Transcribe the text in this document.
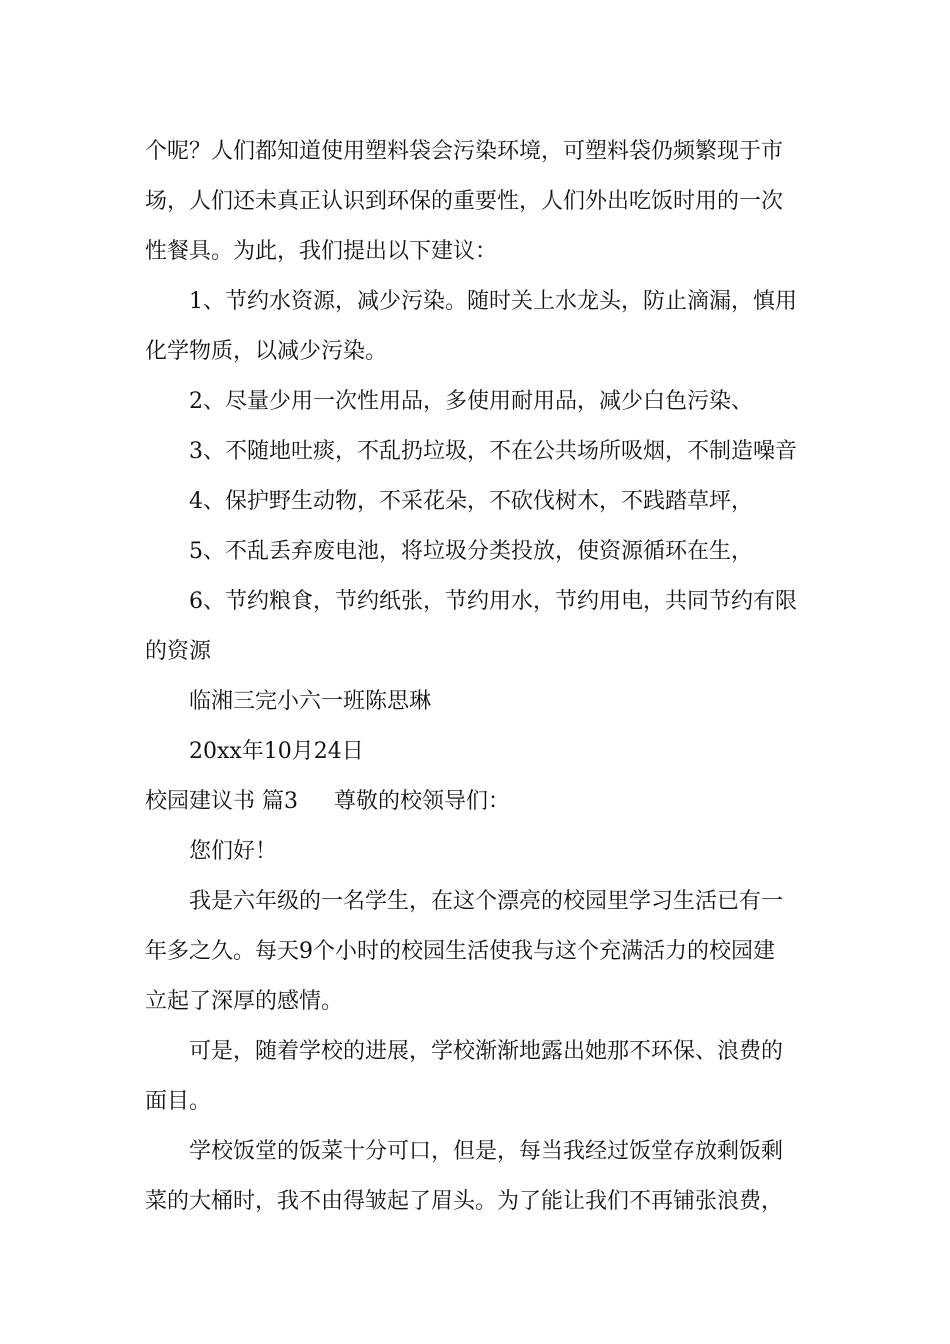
个呢？人们都知道使用塑料袋会污染环境，可塑料袋仍频繁现于市
场，人们还未真正认识到环保的重要性，人们外出吃饭时用的一次
性餐具。为此，我们提出以下建议：
1、节约水资源，减少污染。随时关上水龙头，防止滴漏，慎用
化学物质，以减少污染。
2、尽量少用一次性用品，多使用耐用品，减少白色污染、
3、不随地吐痰，不乱扔垃圾，不在公共场所吸烟，不制造噪音
4、保护野生动物，不采花朵，不砍伐树木，不践踏草坪，
5、不乱丢弃废电池，将垃圾分类投放，使资源循环在生，
6、节约粮食，节约纸张，节约用水，节约用电，共同节约有限
的资源
临湘三完小六一班陈思琳
20xx年10月24日
校园建议书 篇3 尊敬的校领导们：
您们好！
我是六年级的一名学生，在这个漂亮的校园里学习生活已有一
年多之久。每天9个小时的校园生活使我与这个充满活力的校园建
立起了深厚的感情。
可是，随着学校的进展，学校渐渐地露出她那不环保、浪费的
面目。
学校饭堂的饭菜十分可口，但是，每当我经过饭堂存放剩饭剩
菜的大桶时，我不由得皱起了眉头。为了能让我们不再铺张浪费，
